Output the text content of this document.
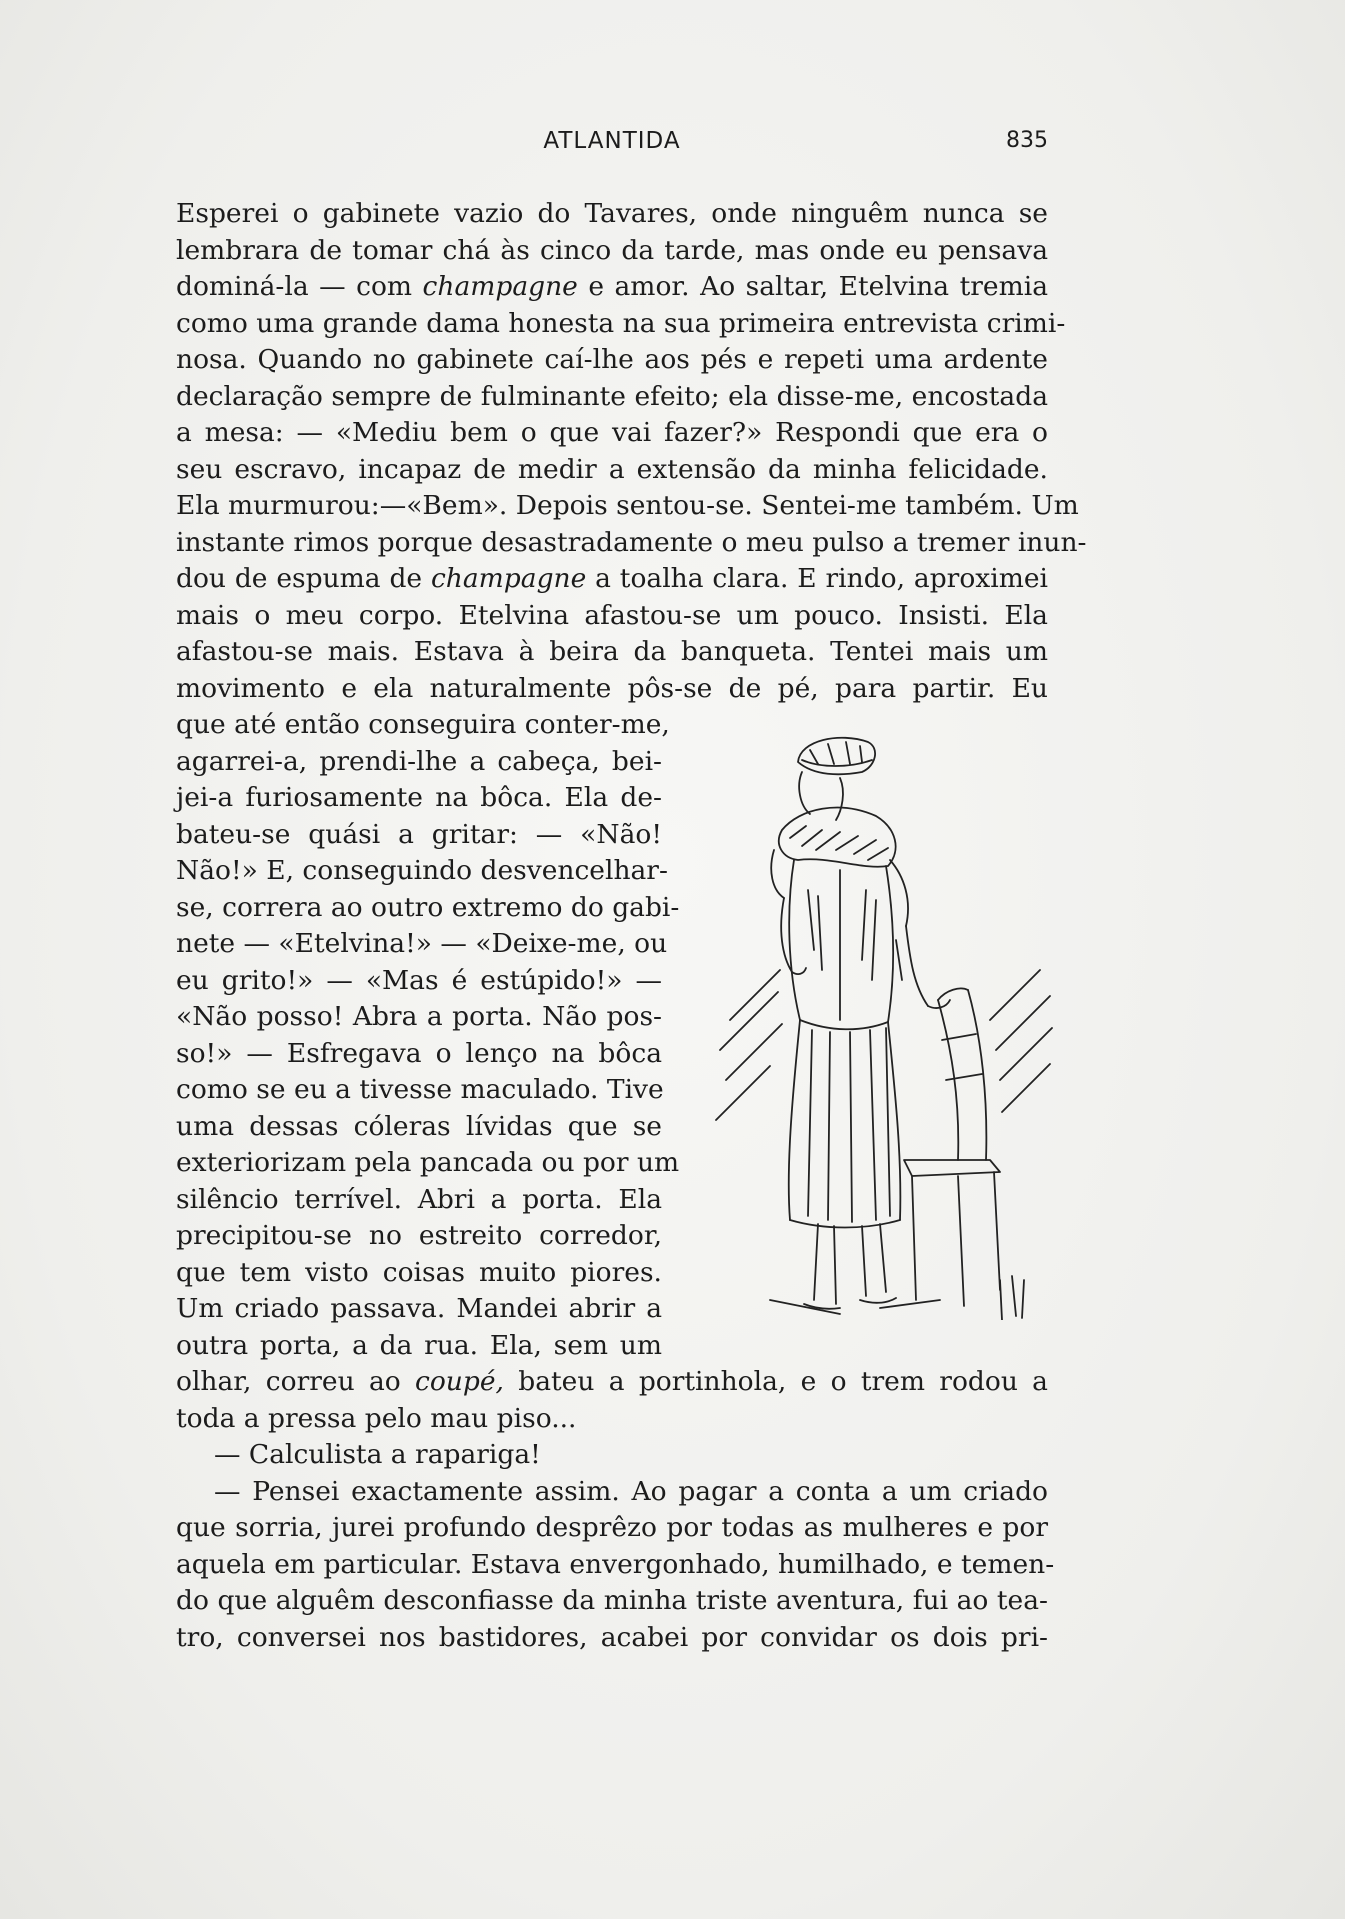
ATLANTIDA	835
Esperei o gabinete vazio do Tavares, onde ninguêm nunca se
lembrara de tomar chá às cinco da tarde, mas onde eu pensava
dominá-la — com champagne e amor. Ao saltar, Etelvina tremia
como uma grande dama honesta na sua primeira entrevista crimi-
nosa. Quando no gabinete caí-lhe aos pés e repeti uma ardente
declaração sempre de fulminante efeito; ela disse-me, encostada
a mesa: — «Mediu bem o que vai fazer?» Respondi que era o
seu escravo, incapaz de medir a extensão da minha felicidade.
Ela murmurou:—«Bem». Depois sentou-se. Sentei-me também. Um
instante rimos porque desastradamente o meu pulso a tremer inun-
dou de espuma de champagne a toalha clara. E rindo, aproximei
mais o meu corpo. Etelvina afastou-se um pouco. Insisti. Ela
afastou-se mais. Estava à beira da banqueta. Tentei mais um
movimento e ela naturalmente pôs-se de pé, para partir. Eu
que até então conseguira conter-me,
agarrei-a, prendi-lhe a cabeça, bei-
jei-a furiosamente na bôca. Ela de-
bateu-se quási a gritar: — «Não!
Não!» E, conseguindo desvencelhar-
se, correra ao outro extremo do gabi-
nete — «Etelvina!» — «Deixe-me, ou
eu grito!» — «Mas é estúpido!» —
«Não posso! Abra a porta. Não pos-
so!» — Esfregava o lenço na bôca
como se eu a tivesse maculado. Tive
uma dessas cóleras lívidas que se
exteriorizam pela pancada ou por um
silêncio terrível. Abri a porta. Ela
precipitou-se no estreito corredor,
que tem visto coisas muito piores.
Um criado passava. Mandei abrir a
outra porta, a da rua. Ela, sem um
olhar, correu ao coupé, bateu a portinhola, e o trem rodou a
toda a pressa pelo mau piso...
— Calculista a rapariga!
— Pensei exactamente assim. Ao pagar a conta a um criado
que sorria, jurei profundo desprêzo por todas as mulheres e por
aquela em particular. Estava envergonhado, humilhado, e temen-
do que alguêm desconfiasse da minha triste aventura, fui ao tea-
tro, conversei nos bastidores, acabei por convidar os dois pri-
